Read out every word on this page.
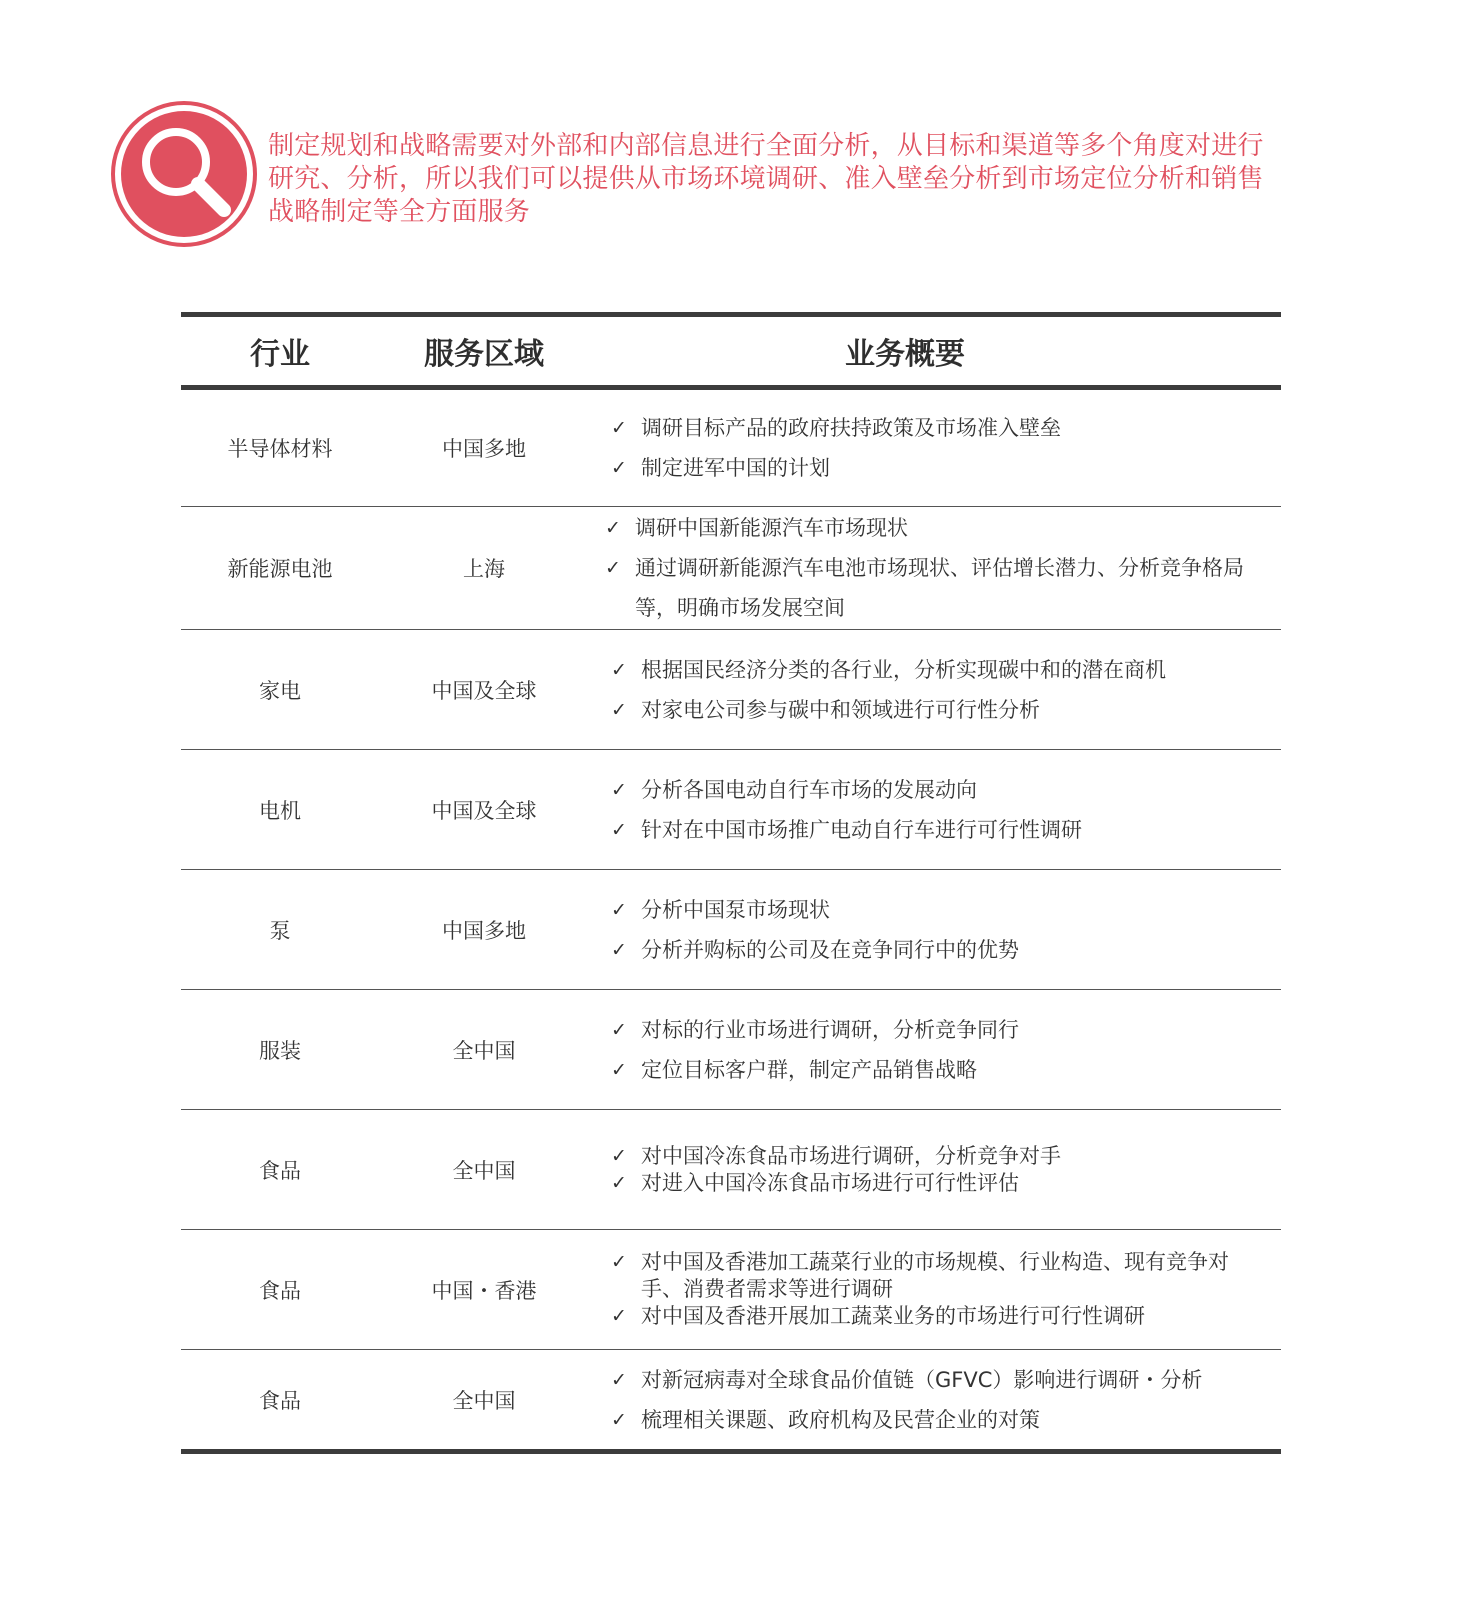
制定规划和战略需要对外部和内部信息进行全面分析，从目标和渠道等多个角度对进行研究、分析，所以我们可以提供从市场环境调研、准入壁垒分析到市场定位分析和销售战略制定等全方面服务
行业	服务区域	业务概要
半导体材料	中国多地
✓ 调研目标产品的政府扶持政策及市场准入壁垒
✓ 制定进军中国的计划
新能源电池	上海
✓ 调研中国新能源汽车市场现状
✓ 通过调研新能源汽车电池市场现状、评估增长潜力、分析竞争格局等，明确市场发展空间
家电	中国及全球
✓ 根据国民经济分类的各行业，分析实现碳中和的潜在商机
✓ 对家电公司参与碳中和领域进行可行性分析
电机	中国及全球
✓ 分析各国电动自行车市场的发展动向
✓ 针对在中国市场推广电动自行车进行可行性调研
泵	中国多地
✓ 分析中国泵市场现状
✓ 分析并购标的公司及在竞争同行中的优势
服装	全中国
✓ 对标的行业市场进行调研，分析竞争同行
✓ 定位目标客户群，制定产品销售战略
食品	全中国
✓ 对中国冷冻食品市场进行调研，分析竞争对手
✓ 对进入中国冷冻食品市场进行可行性评估
食品	中国・香港
✓ 对中国及香港加工蔬菜行业的市场规模、行业构造、现有竞争对手、消费者需求等进行调研
✓ 对中国及香港开展加工蔬菜业务的市场进行可行性调研
食品	全中国
✓ 对新冠病毒对全球食品价值链（GFVC）影响进行调研・分析
✓ 梳理相关课题、政府机构及民营企业的对策
